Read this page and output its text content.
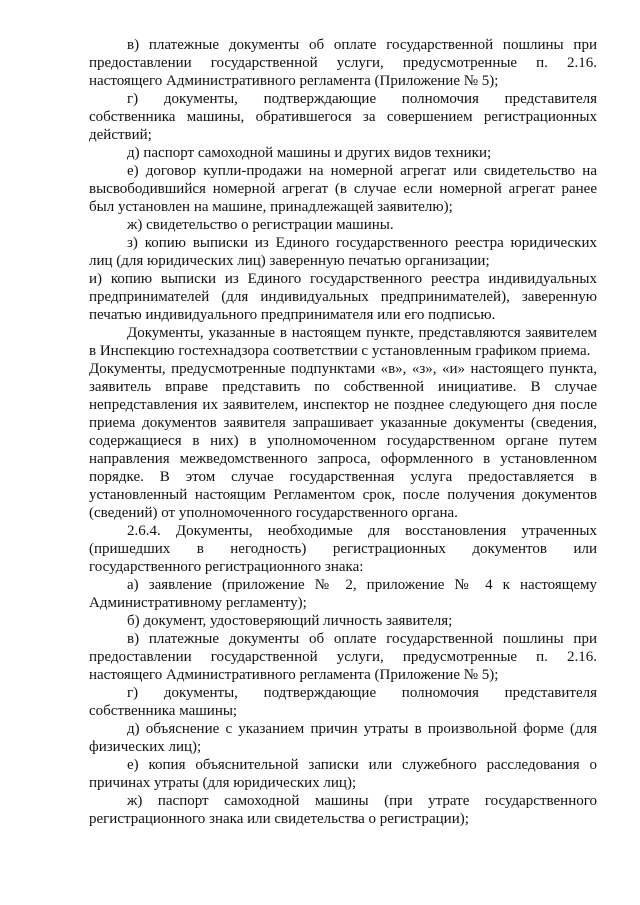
в) платежные документы об оплате государственной пошлины при предоставлении государственной услуги, предусмотренные п. 2.16. настоящего Административного регламента (Приложение № 5);

г) документы, подтверждающие полномочия представителя собственника машины, обратившегося за совершением регистрационных действий;

д) паспорт самоходной машины и других видов техники;

е) договор купли-продажи на номерной агрегат или свидетельство на высвободившийся номерной агрегат (в случае если номерной агрегат ранее был установлен на машине, принадлежащей заявителю);

ж) свидетельство о регистрации машины.

з) копию выписки из Единого государственного реестра юридических лиц (для юридических лиц) заверенную печатью организации;

и) копию выписки из Единого государственного реестра индивидуальных предпринимателей (для индивидуальных предпринимателей), заверенную печатью индивидуального предпринимателя или его подписью.

Документы, указанные в настоящем пункте, представляются заявителем в Инспекцию гостехнадзора соответствии с установленным графиком приема.

Документы, предусмотренные подпунктами «в», «з», «и» настоящего пункта, заявитель вправе представить по собственной инициативе. В случае непредставления их заявителем, инспектор не позднее следующего дня после приема документов заявителя запрашивает указанные документы (сведения, содержащиеся в них) в уполномоченном государственном органе путем направления межведомственного запроса, оформленного в установленном порядке. В этом случае государственная услуга предоставляется в установленный настоящим Регламентом срок, после получения документов (сведений) от уполномоченного государственного органа.

2.6.4. Документы, необходимые для восстановления утраченных (пришедших в негодность) регистрационных документов или государственного регистрационного знака:

а) заявление (приложение № 2, приложение № 4 к настоящему Административному регламенту);

б) документ, удостоверяющий личность заявителя;

в) платежные документы об оплате государственной пошлины при предоставлении государственной услуги, предусмотренные п. 2.16. настоящего Административного регламента (Приложение № 5);

г) документы, подтверждающие полномочия представителя собственника машины;

д) объяснение с указанием причин утраты в произвольной форме (для физических лиц);

е) копия объяснительной записки или служебного расследования о причинах утраты (для юридических лиц);

ж) паспорт самоходной машины (при утрате государственного регистрационного знака или свидетельства о регистрации);
